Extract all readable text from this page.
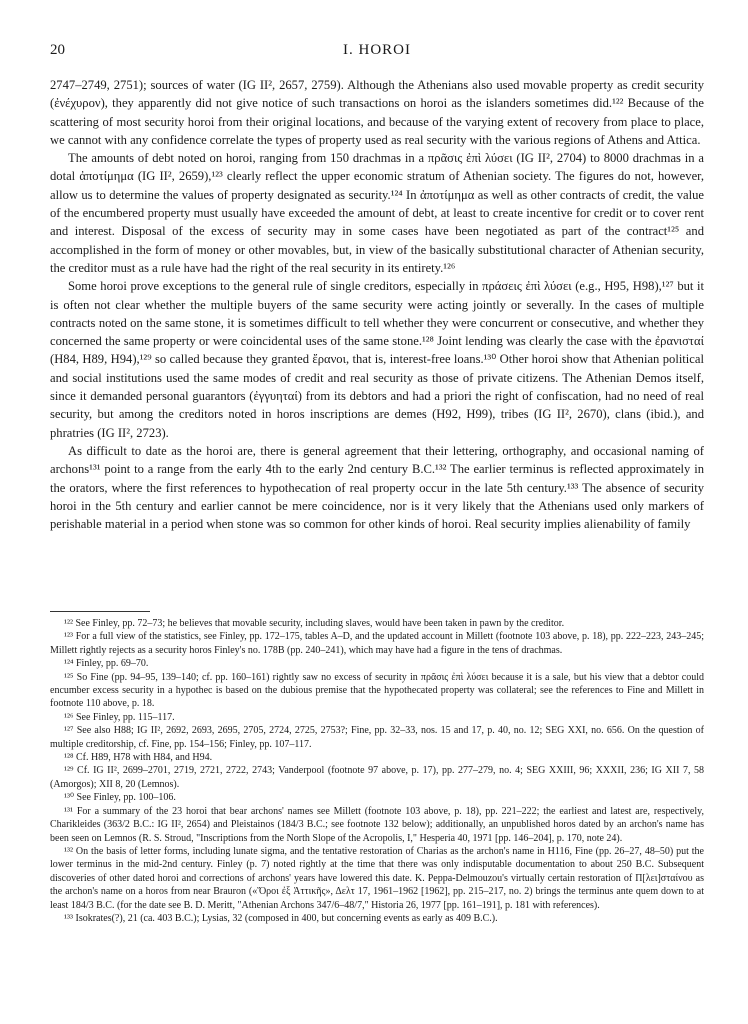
20	I. HOROI

2747–2749, 2751); sources of water (IG II², 2657, 2759). Although the Athenians also used movable property as credit security (ἐνέχυρον), they apparently did not give notice of such transactions on horoi as the islanders sometimes did.¹²² Because of the scattering of most security horoi from their original locations, and because of the varying extent of recovery from place to place, we cannot with any confidence correlate the types of property used as real security with the various regions of Athens and Attica.

The amounts of debt noted on horoi, ranging from 150 drachmas in a πρᾶσις ἐπὶ λύσει (IG II², 2704) to 8000 drachmas in a dotal ἀποτίμημα (IG II², 2659),¹²³ clearly reflect the upper economic stratum of Athenian society. The figures do not, however, allow us to determine the values of property designated as security.¹²⁴ In ἀποτίμημα as well as other contracts of credit, the value of the encumbered property must usually have exceeded the amount of debt, at least to create incentive for credit or to cover rent and interest. Disposal of the excess of security may in some cases have been negotiated as part of the contract¹²⁵ and accomplished in the form of money or other movables, but, in view of the basically substitutional character of Athenian security, the creditor must as a rule have had the right of the real security in its entirety.¹²⁶

Some horoi prove exceptions to the general rule of single creditors, especially in πράσεις ἐπὶ λύσει (e.g., H95, H98),¹²⁷ but it is often not clear whether the multiple buyers of the same security were acting jointly or severally. In the cases of multiple contracts noted on the same stone, it is sometimes difficult to tell whether they were concurrent or consecutive, and whether they concerned the same property or were coincidental uses of the same stone.¹²⁸ Joint lending was clearly the case with the ἐρανισταί (H84, H89, H94),¹²⁹ so called because they granted ἔρανοι, that is, interest-free loans.¹³⁰ Other horoi show that Athenian political and social institutions used the same modes of credit and real security as those of private citizens. The Athenian Demos itself, since it demanded personal guarantors (ἐγγυηταί) from its debtors and had a priori the right of confiscation, had no need of real security, but among the creditors noted in horos inscriptions are demes (H92, H99), tribes (IG II², 2670), clans (ibid.), and phratries (IG II², 2723).

As difficult to date as the horoi are, there is general agreement that their lettering, orthography, and occasional naming of archons¹³¹ point to a range from the early 4th to the early 2nd century B.C.¹³² The earlier terminus is reflected approximately in the orators, where the first references to hypothecation of real property occur in the late 5th century.¹³³ The absence of security horoi in the 5th century and earlier cannot be mere coincidence, nor is it very likely that the Athenians used only markers of perishable material in a period when stone was so common for other kinds of horoi. Real security implies alienability of family

¹²² See Finley, pp. 72–73; he believes that movable security, including slaves, would have been taken in pawn by the creditor.

¹²³ For a full view of the statistics, see Finley, pp. 172–175, tables A–D, and the updated account in Millett (footnote 103 above, p. 18), pp. 222–223, 243–245; Millett rightly rejects as a security horos Finley's no. 178B (pp. 240–241), which may have had a figure in the tens of drachmas.

¹²⁴ Finley, pp. 69–70.

¹²⁵ So Fine (pp. 94–95, 139–140; cf. pp. 160–161) rightly saw no excess of security in πρᾶσις ἐπὶ λύσει because it is a sale, but his view that a debtor could encumber excess security in a hypothec is based on the dubious premise that the hypothecated property was collateral; see the references to Fine and Millett in footnote 110 above, p. 18.

¹²⁶ See Finley, pp. 115–117.

¹²⁷ See also H88; IG II², 2692, 2693, 2695, 2705, 2724, 2725, 2753?; Fine, pp. 32–33, nos. 15 and 17, p. 40, no. 12; SEG XXI, no. 656. On the question of multiple creditorship, cf. Fine, pp. 154–156; Finley, pp. 107–117.

¹²⁸ Cf. H89, H78 with H84, and H94.

¹²⁹ Cf. IG II², 2699–2701, 2719, 2721, 2722, 2743; Vanderpool (footnote 97 above, p. 17), pp. 277–279, no. 4; SEG XXIII, 96; XXXII, 236; IG XII 7, 58 (Amorgos); XII 8, 20 (Lemnos).

¹³⁰ See Finley, pp. 100–106.

¹³¹ For a summary of the 23 horoi that bear archons' names see Millett (footnote 103 above, p. 18), pp. 221–222; the earliest and latest are, respectively, Charikleides (363/2 B.C.: IG II², 2654) and Pleistainos (184/3 B.C.; see footnote 132 below); additionally, an unpublished horos dated by an archon's name has been seen on Lemnos (R. S. Stroud, "Inscriptions from the North Slope of the Acropolis, I," Hesperia 40, 1971 [pp. 146–204], p. 170, note 24).

¹³² On the basis of letter forms, including lunate sigma, and the tentative restoration of Charias as the archon's name in H116, Fine (pp. 26–27, 48–50) put the lower terminus in the mid-2nd century. Finley (p. 7) noted rightly at the time that there was only indisputable documentation to about 250 B.C. Subsequent discoveries of other dated horoi and corrections of archons' years have lowered this date. K. Peppa-Delmouzou's virtually certain restoration of Π[λει]σταίνου as the archon's name on a horos from near Brauron («Ὅροι ἐξ Ἀττικῆς», Δελτ 17, 1961–1962 [1962], pp. 215–217, no. 2) brings the terminus ante quem down to at least 184/3 B.C. (for the date see B. D. Meritt, "Athenian Archons 347/6–48/7," Historia 26, 1977 [pp. 161–191], p. 181 with references).

¹³³ Isokrates(?), 21 (ca. 403 B.C.); Lysias, 32 (composed in 400, but concerning events as early as 409 B.C.).
